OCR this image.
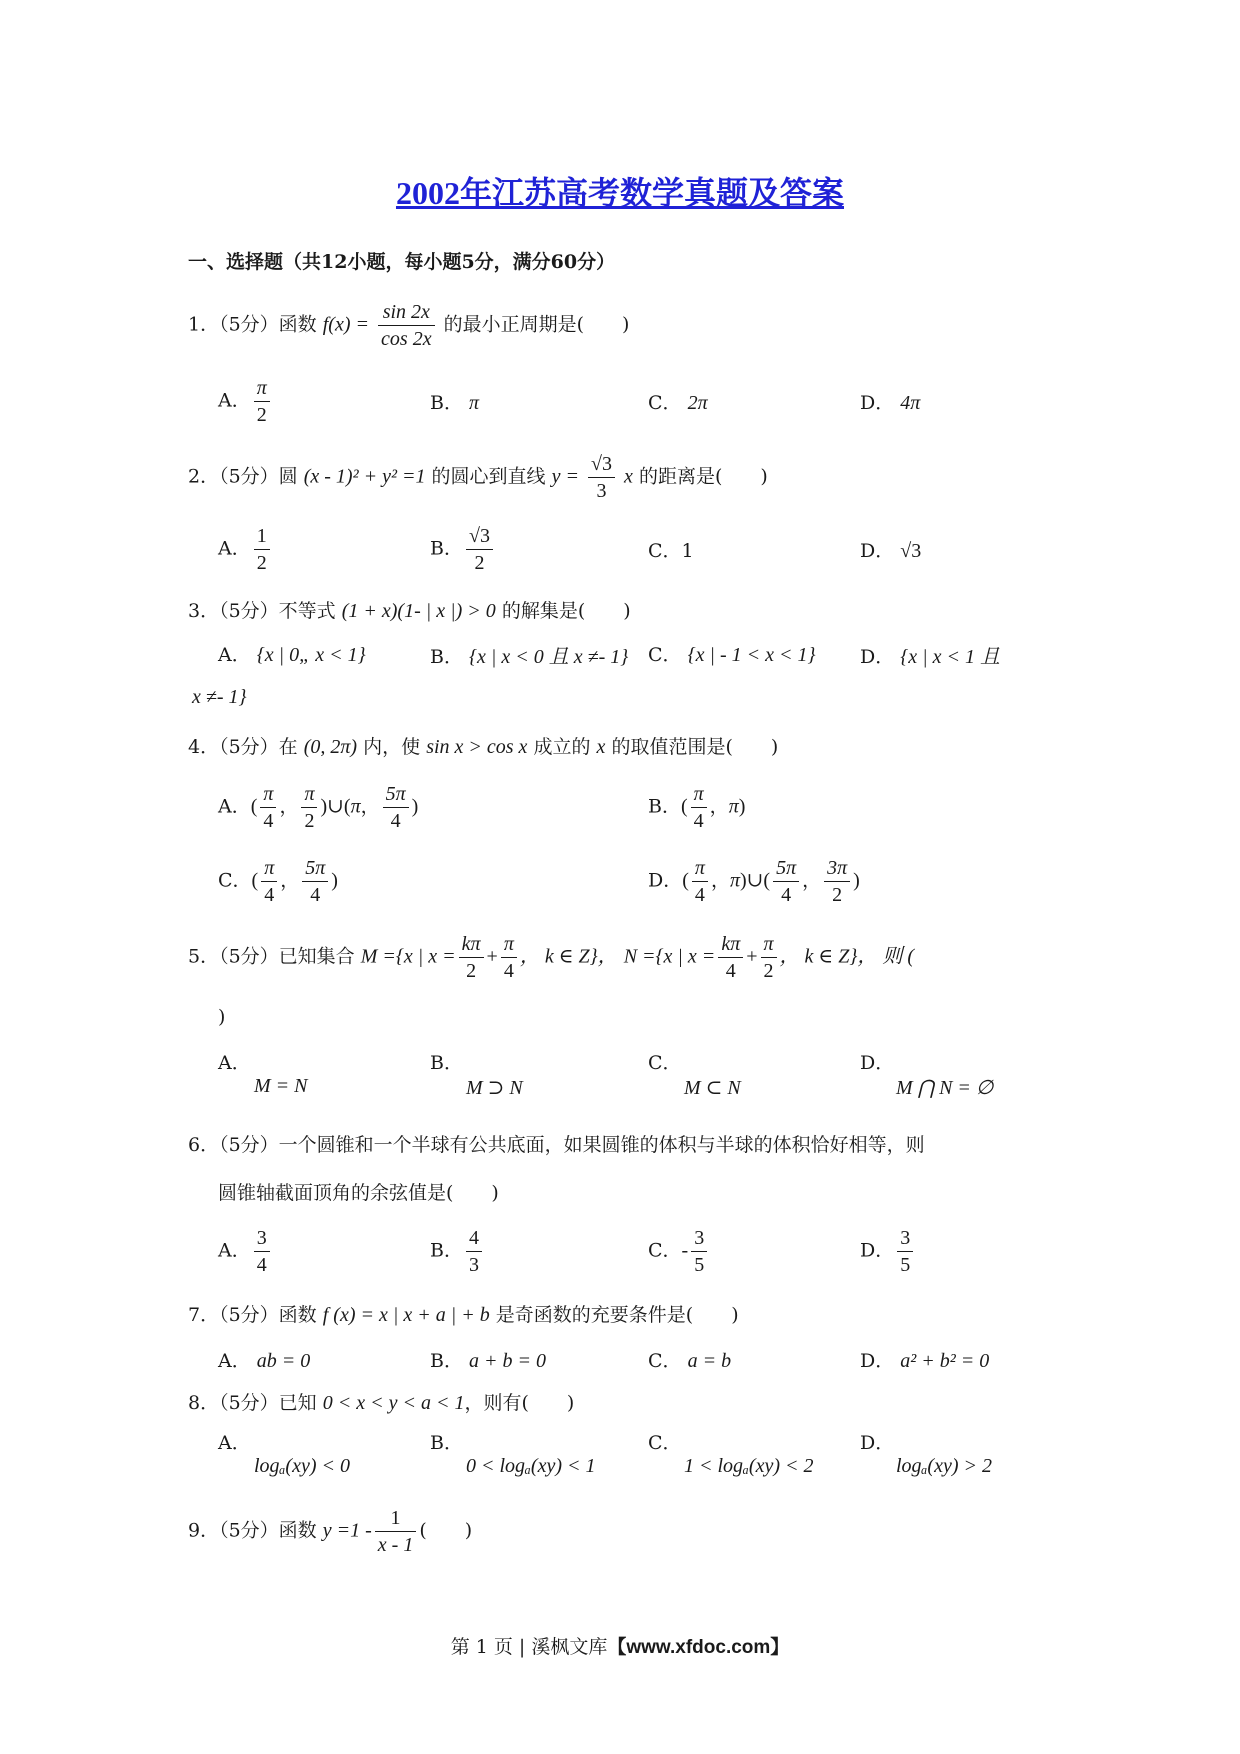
2002年江苏高考数学真题及答案
一、选择题（共12小题，每小题5分，满分60分）
1．（5分）函数 $f(x) = \frac{\sin 2x}{\cos 2x}$ 的最小正周期是(　　)
A． $\frac{\pi}{2}$	B． π	C． 2π	D． 4π
2．（5分）圆 (x - 1)² + y² =1 的圆心到直线 $y = \frac{√3}{3}$ x 的距离是(　　)
A． $\frac{1}{2}$	B． $\frac{√3}{2}$	C．1	D． √3
3．（5分）不等式 (1 + x)(1- | x |) > 0 的解集是(　　)
A． {x | 0„ x < 1}	B． {x | x < 0 且 x ≠- 1} C． {x | - 1 < x < 1} D． {x | x < 1 且
x ≠- 1}
4．（5分）在 (0, 2π) 内，使 sin x > cos x 成立的 x 的取值范围是(　　)
A．( $\frac{\pi}{4}$ ， $\frac{\pi}{2}$ )∪(π， $\frac{5\pi}{4}$ )	B．( $\frac{\pi}{4}$ ，π)
C．( $\frac{\pi}{4}$ ， $\frac{5\pi}{4}$ )	D．( $\frac{\pi}{4}$ ，π)∪( $\frac{5\pi}{4}$ ， $\frac{3\pi}{2}$ )
5．（5分）已知集合 M ={x | $x = \frac{k\pi}{2} + \frac{\pi}{4}$ ， k ∈ Z}， N ={x | $x = \frac{k\pi}{4} + \frac{\pi}{2}$ ， k ∈ Z}， 则 (
)
A．
M = N
B．
M ⊃ N
C．
M ⊂ N
D．
M ⋂ N = ∅
6．（5分）一个圆锥和一个半球有公共底面，如果圆锥的体积与半球的体积恰好相等，则
圆锥轴截面顶角的余弦值是(　　)
A． $\frac{3}{4}$	B． $\frac{4}{3}$	C．- $\frac{3}{5}$	D． $\frac{3}{5}$
7．（5分）函数 f (x) = x | x + a | + b 是奇函数的充要条件是(　　)
A． ab = 0	B． a + b = 0	C． a = b	D． a² + b² = 0
8．（5分）已知 0 < x < y < a < 1，则有(　　)
A．
logₐ(xy) < 0
B．
0 < logₐ(xy) < 1
C．
1 < logₐ(xy) < 2
D．
logₐ(xy) > 2
9．（5分）函数 $y =1 - \frac{1}{x - 1}$ (　　)
第 1 页 | 溪枫文库【www.xfdoc.com】
